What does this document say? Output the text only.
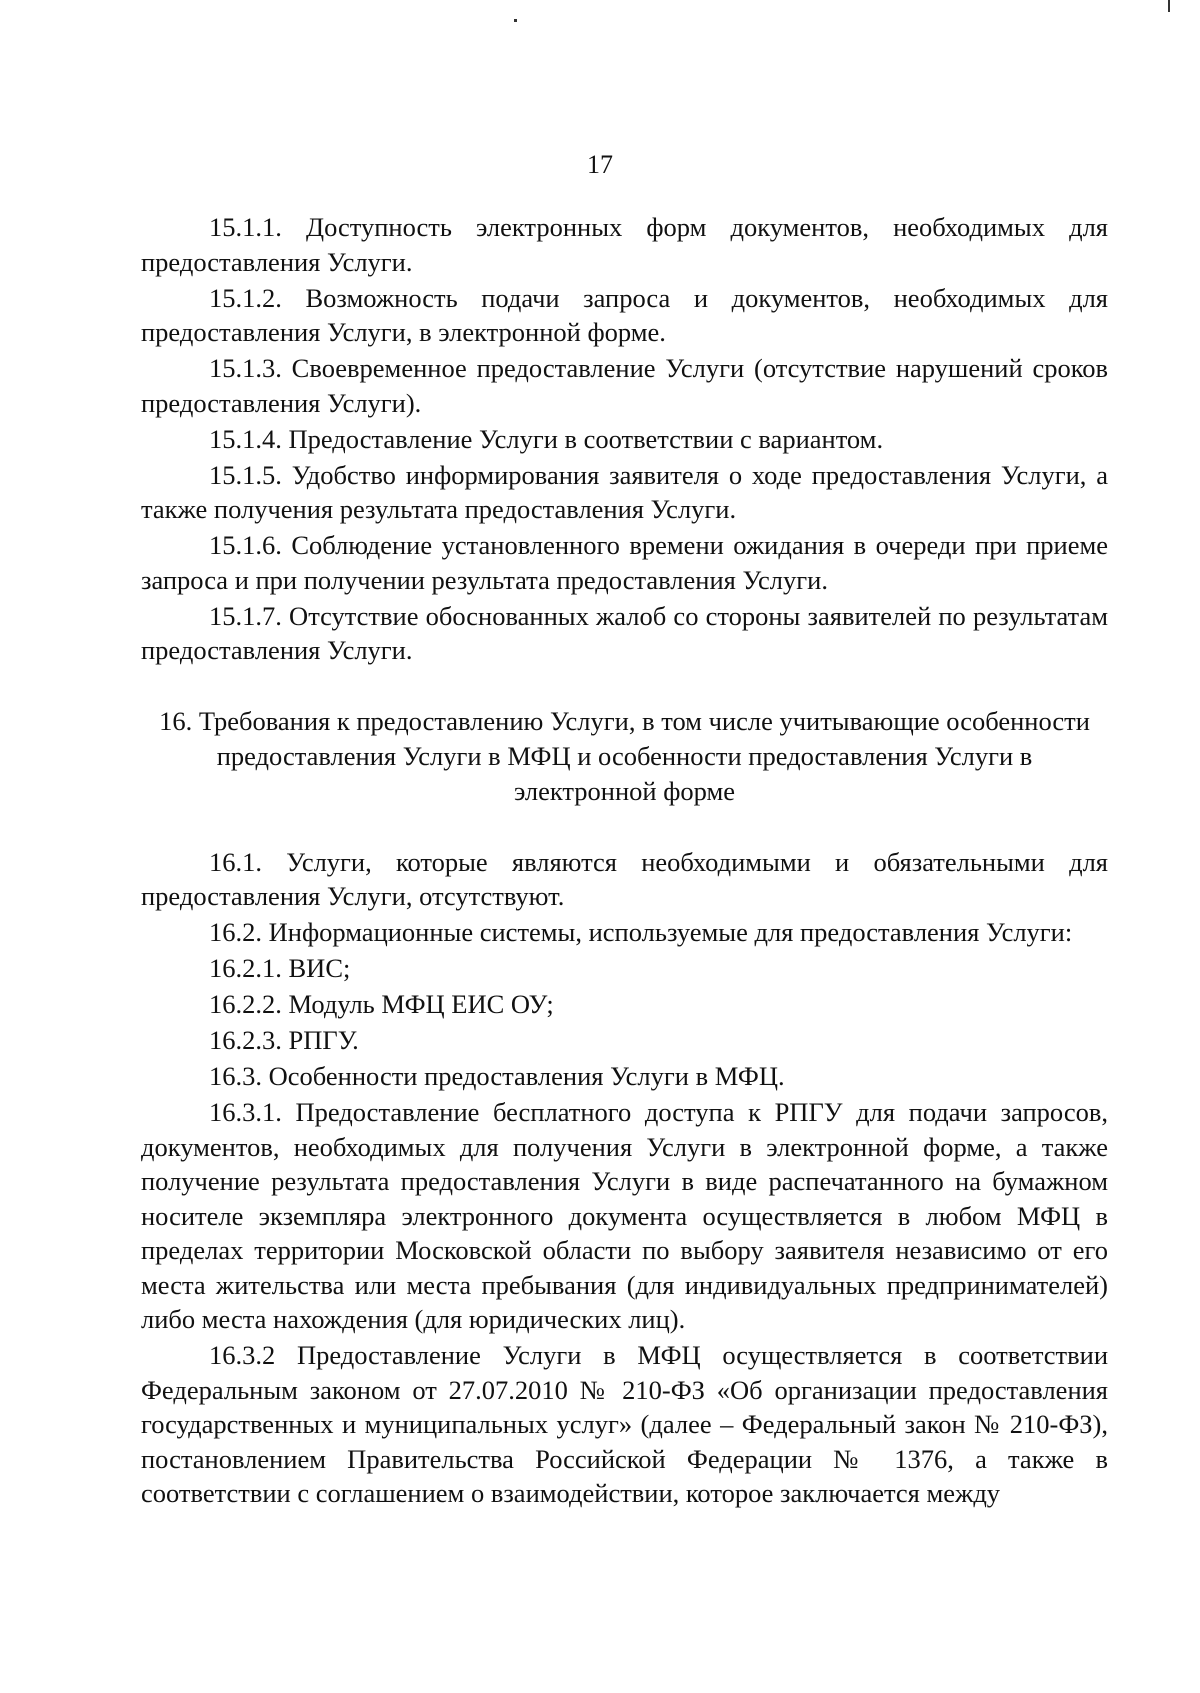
17

15.1.1. Доступность электронных форм документов, необходимых для предоставления Услуги.

15.1.2. Возможность подачи запроса и документов, необходимых для предоставления Услуги, в электронной форме.

15.1.3. Своевременное предоставление Услуги (отсутствие нарушений сроков предоставления Услуги).

15.1.4. Предоставление Услуги в соответствии с вариантом.

15.1.5. Удобство информирования заявителя о ходе предоставления Услуги, а также получения результата предоставления Услуги.

15.1.6. Соблюдение установленного времени ожидания в очереди при приеме запроса и при получении результата предоставления Услуги.

15.1.7. Отсутствие обоснованных жалоб со стороны заявителей по результатам предоставления Услуги.

16. Требования к предоставлению Услуги, в том числе учитывающие особенности
предоставления Услуги в МФЦ и особенности предоставления Услуги в
электронной форме

16.1. Услуги, которые являются необходимыми и обязательными для предоставления Услуги, отсутствуют.

16.2. Информационные системы, используемые для предоставления Услуги:

16.2.1. ВИС;

16.2.2. Модуль МФЦ ЕИС ОУ;

16.2.3. РПГУ.

16.3. Особенности предоставления Услуги в МФЦ.

16.3.1. Предоставление бесплатного доступа к РПГУ для подачи запросов, документов, необходимых для получения Услуги в электронной форме, а также получение результата предоставления Услуги в виде распечатанного на бумажном носителе экземпляра электронного документа осуществляется в любом МФЦ в пределах территории Московской области по выбору заявителя независимо от его места жительства или места пребывания (для индивидуальных предпринимателей) либо места нахождения (для юридических лиц).

16.3.2 Предоставление Услуги в МФЦ осуществляется в соответствии Федеральным законом от 27.07.2010 № 210-ФЗ «Об организации предоставления государственных и муниципальных услуг» (далее – Федеральный закон № 210-ФЗ), постановлением Правительства Российской Федерации № 1376, а также в соответствии с соглашением о взаимодействии, которое заключается между
